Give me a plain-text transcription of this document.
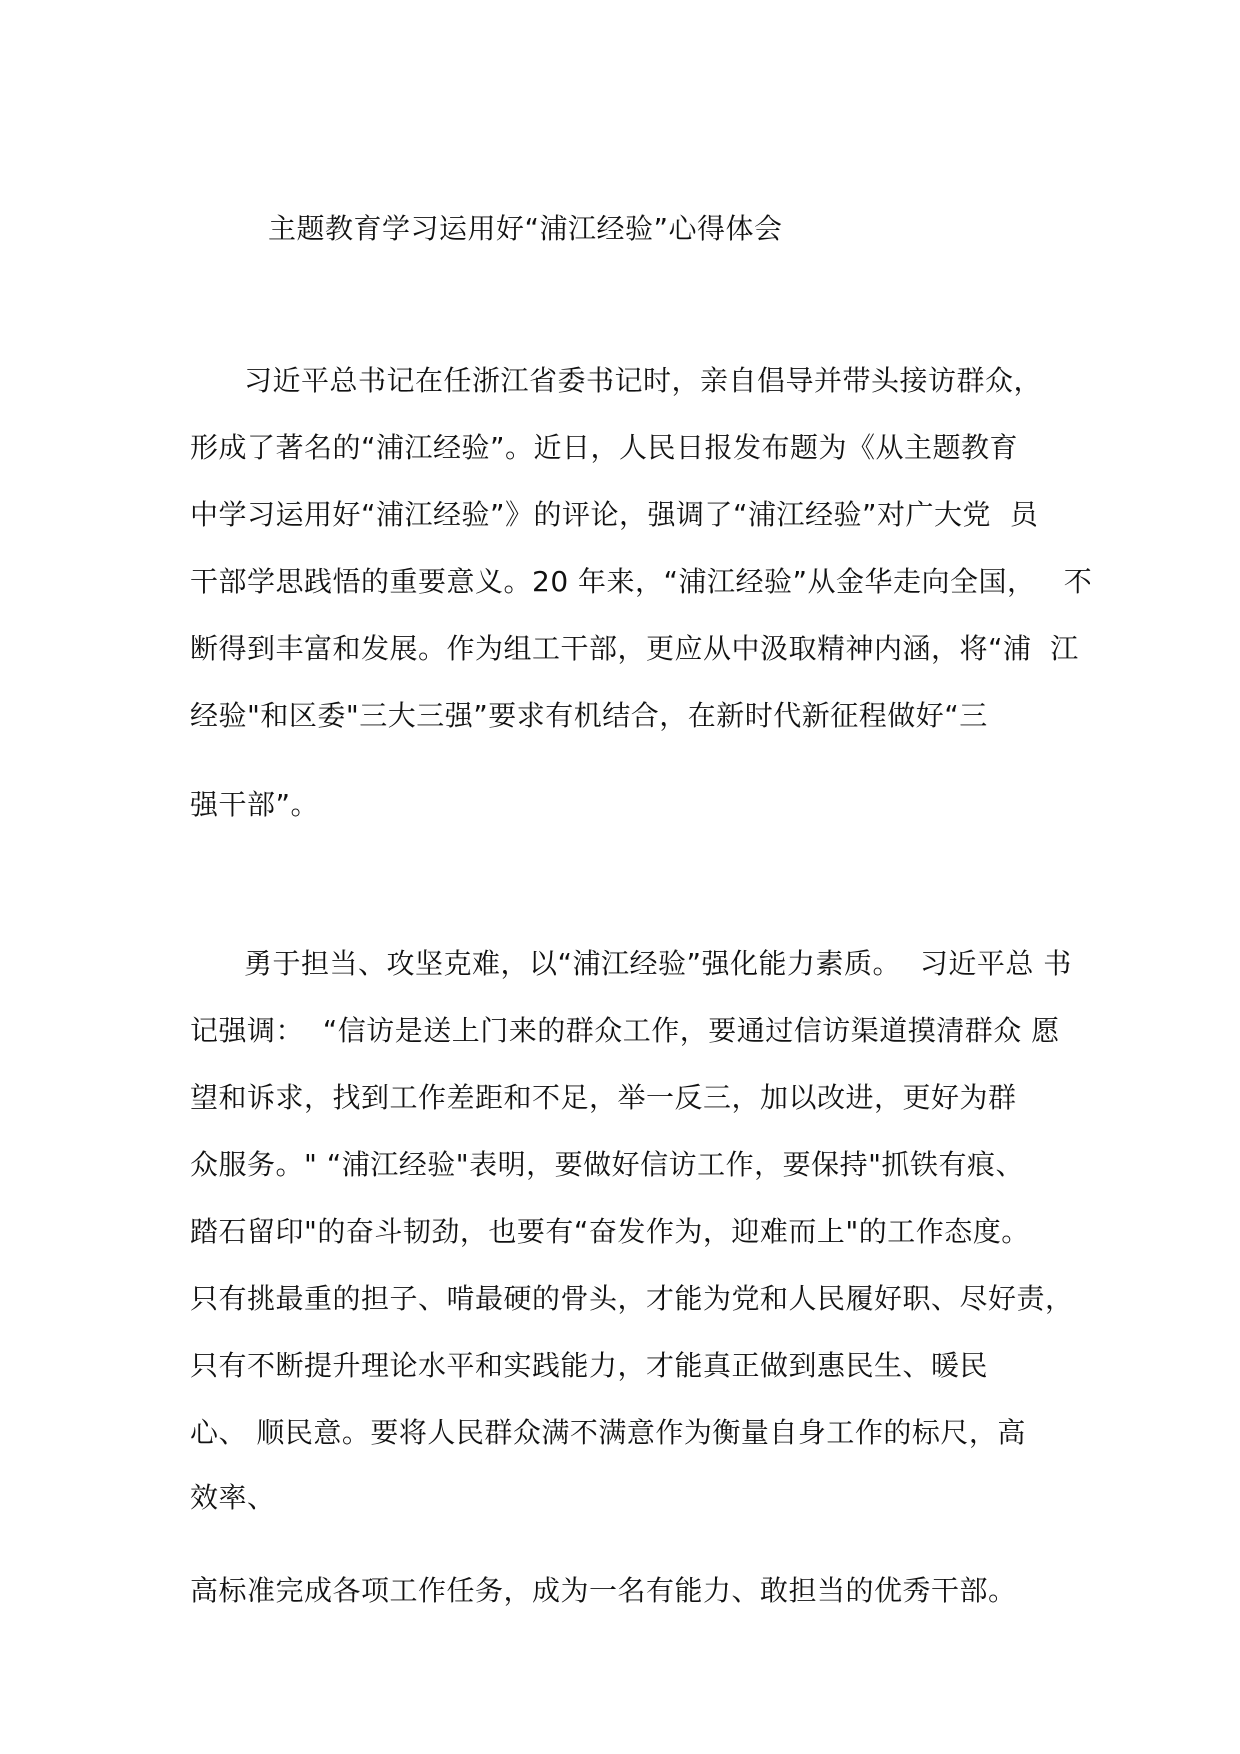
主题教育学习运用好“浦江经验”心得体会
习近平总书记在任浙江省委书记时，亲自倡导并带头接访群众，
形成了著名的“浦江经验”。近日，人民日报发布题为《从主题教育
中学习运用好“浦江经验”》的评论，强调了“浦江经验”对广大党  员
干部学思践悟的重要意义。20 年来，“浦江经验”从金华走向全国，   不
断得到丰富和发展。作为组工干部，更应从中汲取精神内涵，将“浦  江
经验"和区委"三大三强”要求有机结合，在新时代新征程做好“三
强干部”。
勇于担当、攻坚克难，以“浦江经验”强化能力素质。  习近平总 书
记强调：  “信访是送上门来的群众工作，要通过信访渠道摸清群众 愿
望和诉求，找到工作差距和不足，举一反三，加以改进，更好为群
众服务。" “浦江经验"表明，要做好信访工作，要保持"抓铁有痕、
踏石留印"的奋斗韧劲，也要有“奋发作为，迎难而上"的工作态度。
只有挑最重的担子、啃最硬的骨头，才能为党和人民履好职、尽好责，
只有不断提升理论水平和实践能力，才能真正做到惠民生、暖民
心、 顺民意。要将人民群众满不满意作为衡量自身工作的标尺，高
效率、
高标准完成各项工作任务，成为一名有能力、敢担当的优秀干部。
